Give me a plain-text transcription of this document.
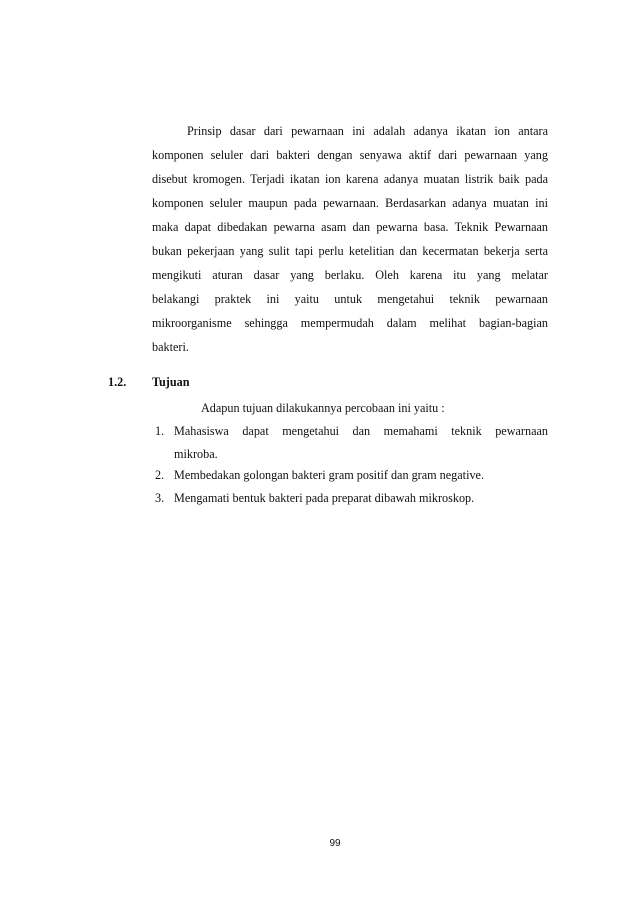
Prinsip dasar dari pewarnaan ini adalah adanya ikatan ion antara
komponen seluler dari bakteri dengan senyawa aktif dari pewarnaan yang
disebut kromogen. Terjadi ikatan ion karena adanya muatan listrik baik pada
komponen seluler maupun pada pewarnaan. Berdasarkan adanya muatan ini
maka dapat dibedakan pewarna asam dan pewarna basa. Teknik Pewarnaan
bukan pekerjaan yang sulit tapi perlu ketelitian dan kecermatan bekerja serta
mengikuti aturan dasar yang berlaku. Oleh karena itu yang melatar
belakangi praktek ini yaitu untuk mengetahui teknik pewarnaan
mikroorganisme sehingga mempermudah dalam melihat bagian-bagian
bakteri.
1.2. Tujuan
Adapun tujuan dilakukannya percobaan ini yaitu :
1. Mahasiswa dapat mengetahui dan memahami teknik pewarnaan
mikroba.
2. Membedakan golongan bakteri gram positif dan gram negative.
3. Mengamati bentuk bakteri pada preparat dibawah mikroskop.
99
